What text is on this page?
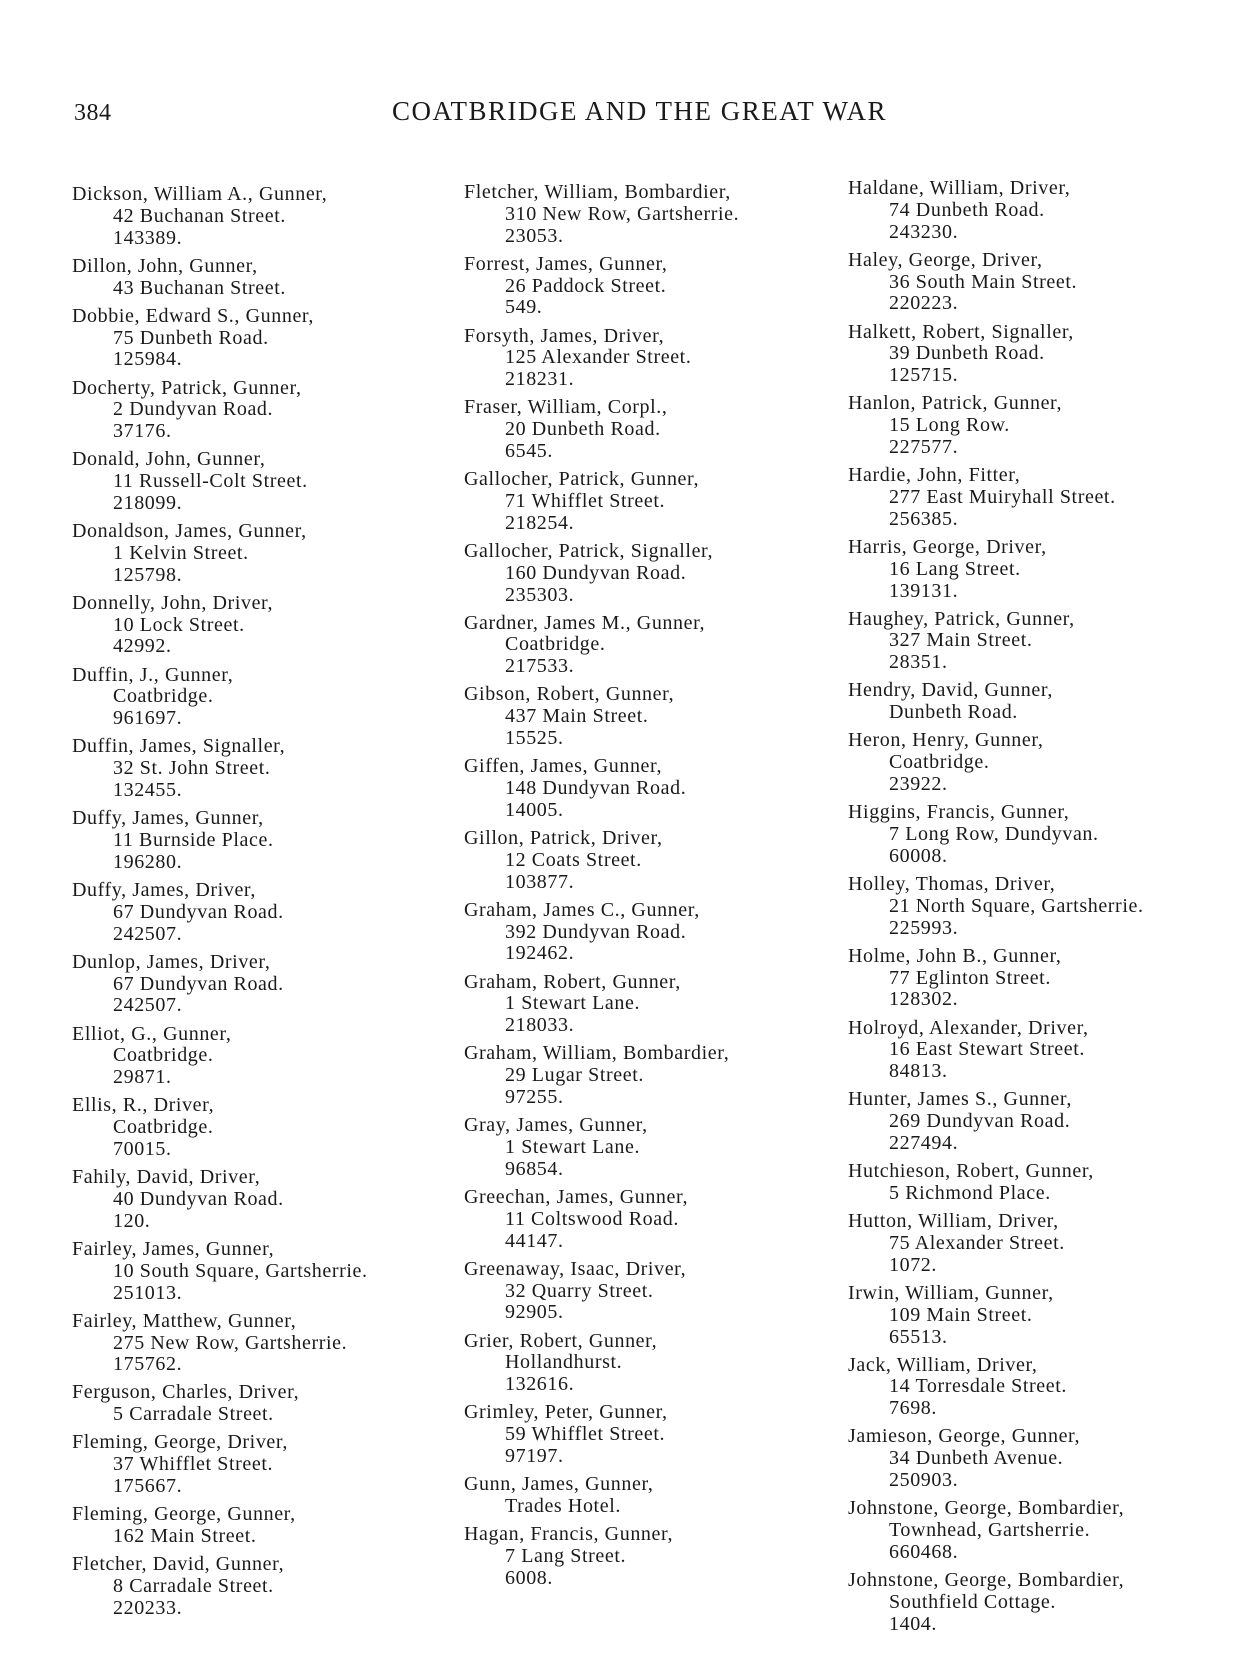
384	COATBRIDGE AND THE GREAT WAR
Dickson, William A., Gunner,
42 Buchanan Street.
143389.
Dillon, John, Gunner,
43 Buchanan Street.
Dobbie, Edward S., Gunner,
75 Dunbeth Road.
125984.
Docherty, Patrick, Gunner,
2 Dundyvan Road.
37176.
Donald, John, Gunner,
11 Russell-Colt Street.
218099.
Donaldson, James, Gunner,
1 Kelvin Street.
125798.
Donnelly, John, Driver,
10 Lock Street.
42992.
Duffin, J., Gunner,
Coatbridge.
961697.
Duffin, James, Signaller,
32 St. John Street.
132455.
Duffy, James, Gunner,
11 Burnside Place.
196280.
Duffy, James, Driver,
67 Dundyvan Road.
242507.
Dunlop, James, Driver,
67 Dundyvan Road.
242507.
Elliot, G., Gunner,
Coatbridge.
29871.
Ellis, R., Driver,
Coatbridge.
70015.
Fahily, David, Driver,
40 Dundyvan Road.
120.
Fairley, James, Gunner,
10 South Square, Gartsherrie.
251013.
Fairley, Matthew, Gunner,
275 New Row, Gartsherrie.
175762.
Ferguson, Charles, Driver,
5 Carradale Street.
Fleming, George, Driver,
37 Whifflet Street.
175667.
Fleming, George, Gunner,
162 Main Street.
Fletcher, David, Gunner,
8 Carradale Street.
220233.
Fletcher, William, Bombardier,
310 New Row, Gartsherrie.
23053.
Forrest, James, Gunner,
26 Paddock Street.
549.
Forsyth, James, Driver,
125 Alexander Street.
218231.
Fraser, William, Corpl.,
20 Dunbeth Road.
6545.
Gallocher, Patrick, Gunner,
71 Whifflet Street.
218254.
Gallocher, Patrick, Signaller,
160 Dundyvan Road.
235303.
Gardner, James M., Gunner,
Coatbridge.
217533.
Gibson, Robert, Gunner,
437 Main Street.
15525.
Giffen, James, Gunner,
148 Dundyvan Road.
14005.
Gillon, Patrick, Driver,
12 Coats Street.
103877.
Graham, James C., Gunner,
392 Dundyvan Road.
192462.
Graham, Robert, Gunner,
1 Stewart Lane.
218033.
Graham, William, Bombardier,
29 Lugar Street.
97255.
Gray, James, Gunner,
1 Stewart Lane.
96854.
Greechan, James, Gunner,
11 Coltswood Road.
44147.
Greenaway, Isaac, Driver,
32 Quarry Street.
92905.
Grier, Robert, Gunner,
Hollandhurst.
132616.
Grimley, Peter, Gunner,
59 Whifflet Street.
97197.
Gunn, James, Gunner,
Trades Hotel.
Hagan, Francis, Gunner,
7 Lang Street.
6008.
Haldane, William, Driver,
74 Dunbeth Road.
243230.
Haley, George, Driver,
36 South Main Street.
220223.
Halkett, Robert, Signaller,
39 Dunbeth Road.
125715.
Hanlon, Patrick, Gunner,
15 Long Row.
227577.
Hardie, John, Fitter,
277 East Muiryhall Street.
256385.
Harris, George, Driver,
16 Lang Street.
139131.
Haughey, Patrick, Gunner,
327 Main Street.
28351.
Hendry, David, Gunner,
Dunbeth Road.
Heron, Henry, Gunner,
Coatbridge.
23922.
Higgins, Francis, Gunner,
7 Long Row, Dundyvan.
60008.
Holley, Thomas, Driver,
21 North Square, Gartsherrie.
225993.
Holme, John B., Gunner,
77 Eglinton Street.
128302.
Holroyd, Alexander, Driver,
16 East Stewart Street.
84813.
Hunter, James S., Gunner,
269 Dundyvan Road.
227494.
Hutchieson, Robert, Gunner,
5 Richmond Place.
Hutton, William, Driver,
75 Alexander Street.
1072.
Irwin, William, Gunner,
109 Main Street.
65513.
Jack, William, Driver,
14 Torresdale Street.
7698.
Jamieson, George, Gunner,
34 Dunbeth Avenue.
250903.
Johnstone, George, Bombardier,
Townhead, Gartsherrie.
660468.
Johnstone, George, Bombardier,
Southfield Cottage.
1404.
